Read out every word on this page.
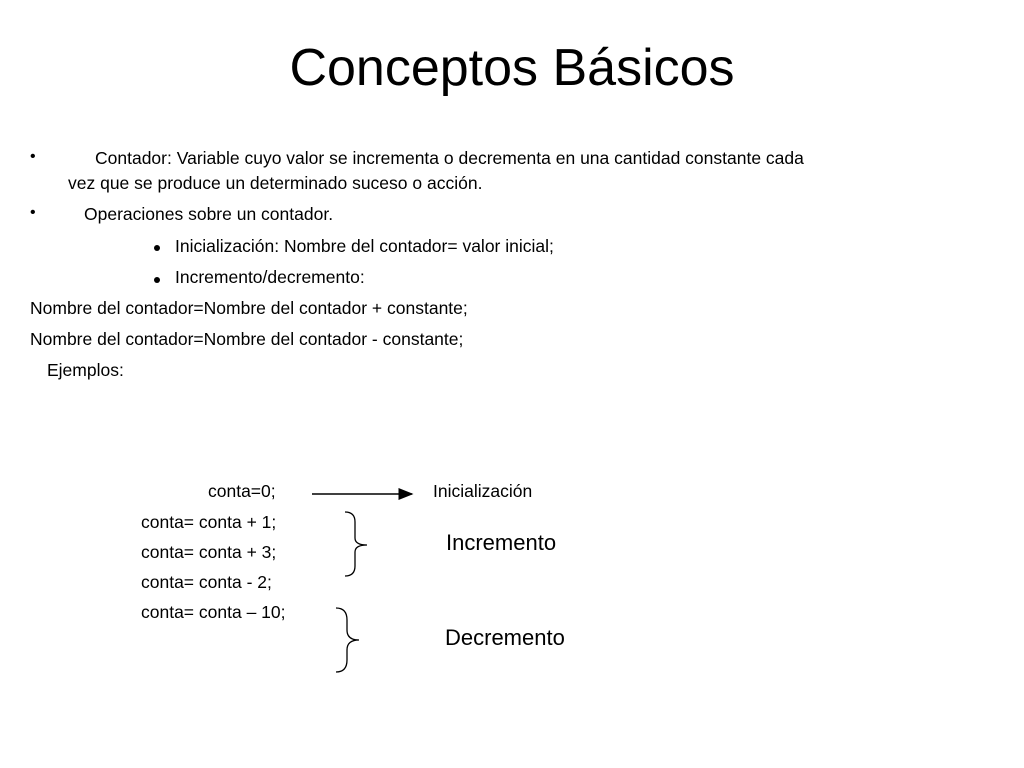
Conceptos Básicos
•	Contador: Variable cuyo valor se incrementa o decrementa en una cantidad constante cada
vez que se produce un determinado suceso o acción.
•	Operaciones sobre un contador.
Inicialización: Nombre del contador= valor inicial;
Incremento/decremento:
Nombre del contador=Nombre del contador + constante;
Nombre del contador=Nombre del contador - constante;
Ejemplos:
conta=0;	Inicialización
conta= conta + 1;
conta= conta + 3;
conta= conta - 2;
conta= conta – 10;
Incremento
Decremento
